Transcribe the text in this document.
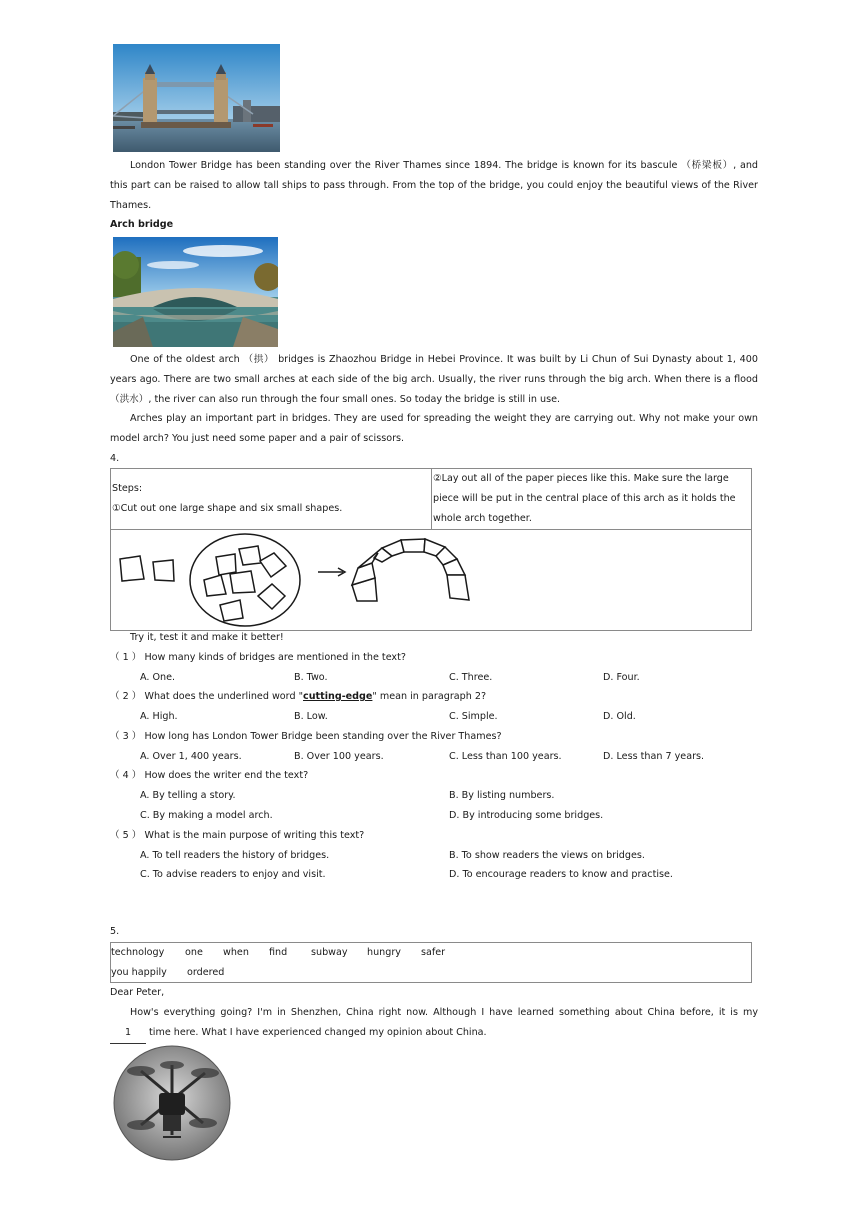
London Tower Bridge has been standing over the River Thames since 1894. The bridge is known for its bascule （桥梁板）, and this part can be raised to allow tall ships to pass through. From the top of the bridge, you could enjoy the beautiful views of the River Thames.
Arch bridge
One of the oldest arch （拱） bridges is Zhaozhou Bridge in Hebei Province. It was built by Li Chun of Sui Dynasty about 1, 400 years ago. There are two small arches at each side of the big arch. Usually, the river runs through the big arch. When there is a flood （洪水）, the river can also run through the four small ones. So today the bridge is still in use.
Arches play an important part in bridges. They are used for spreading the weight they are carrying out. Why not make your own model arch? You just need some paper and a pair of scissors.
4.
Steps:
①Cut out one large shape and six small shapes.

②Lay out all of the paper pieces like this. Make sure the large piece will be put in the central place of this arch as it holds the whole arch together.

Try it, test it and make it better!
（ 1 ） How many kinds of bridges are mentioned in the text?
A. One.	B. Two.	C. Three.	D. Four.
（ 2 ） What does the underlined word "cutting-edge" mean in paragraph 2?
A. High.	B. Low.	C. Simple.	D. Old.
（ 3 ） How long has London Tower Bridge been standing over the River Thames?
A. Over 1, 400 years.	B. Over 100 years.	C. Less than 100 years.	D. Less than 7 years.
（ 4 ） How does the writer end the text?
A. By telling a story.	B. By listing numbers.
C. By making a model arch.	D. By introducing some bridges.
（ 5 ） What is the main purpose of writing this text?
A. To tell readers the history of bridges.	B. To show readers the views on bridges.
C. To advise readers to enjoy and visit.	D. To encourage readers to know and practise.
5.
technology one when find subway hungry safer
you happily ordered
Dear Peter,
How's everything going? I'm in Shenzhen, China right now. Although I have learned something about China before, it is my 1 time here. What I have experienced changed my opinion about China.
